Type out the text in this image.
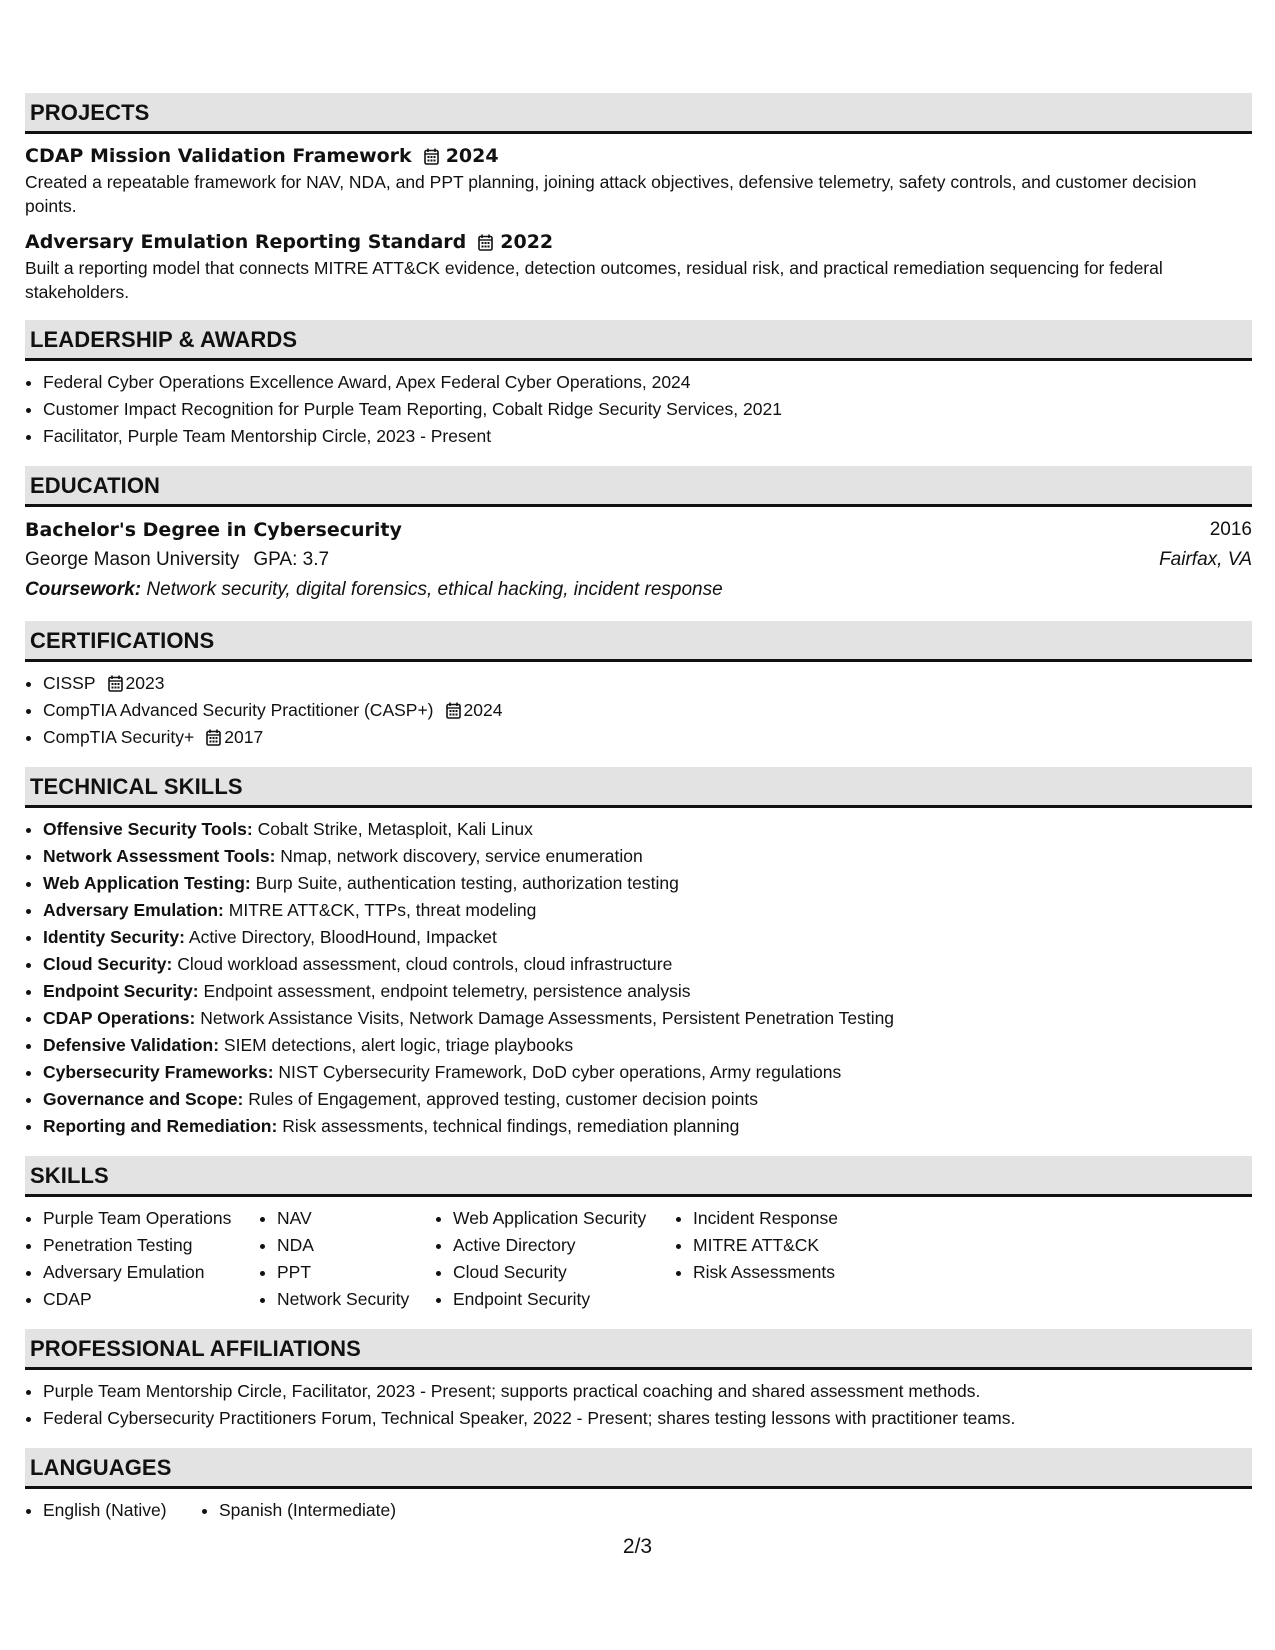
PROJECTS
CDAP Mission Validation Framework 2024
Created a repeatable framework for NAV, NDA, and PPT planning, joining attack objectives, defensive telemetry, safety controls, and customer decision points.
Adversary Emulation Reporting Standard 2022
Built a reporting model that connects MITRE ATT&CK evidence, detection outcomes, residual risk, and practical remediation sequencing for federal stakeholders.
LEADERSHIP & AWARDS
• Federal Cyber Operations Excellence Award, Apex Federal Cyber Operations, 2024
• Customer Impact Recognition for Purple Team Reporting, Cobalt Ridge Security Services, 2021
• Facilitator, Purple Team Mentorship Circle, 2023 - Present
EDUCATION
Bachelor's Degree in Cybersecurity	2016
George Mason University GPA: 3.7	Fairfax, VA
Coursework: Network security, digital forensics, ethical hacking, incident response
CERTIFICATIONS
• CISSP 2023
• CompTIA Advanced Security Practitioner (CASP+) 2024
• CompTIA Security+ 2017
TECHNICAL SKILLS
• Offensive Security Tools: Cobalt Strike, Metasploit, Kali Linux
• Network Assessment Tools: Nmap, network discovery, service enumeration
• Web Application Testing: Burp Suite, authentication testing, authorization testing
• Adversary Emulation: MITRE ATT&CK, TTPs, threat modeling
• Identity Security: Active Directory, BloodHound, Impacket
• Cloud Security: Cloud workload assessment, cloud controls, cloud infrastructure
• Endpoint Security: Endpoint assessment, endpoint telemetry, persistence analysis
• CDAP Operations: Network Assistance Visits, Network Damage Assessments, Persistent Penetration Testing
• Defensive Validation: SIEM detections, alert logic, triage playbooks
• Cybersecurity Frameworks: NIST Cybersecurity Framework, DoD cyber operations, Army regulations
• Governance and Scope: Rules of Engagement, approved testing, customer decision points
• Reporting and Remediation: Risk assessments, technical findings, remediation planning
SKILLS
• Purple Team Operations
• Penetration Testing
• Adversary Emulation
• CDAP
• NAV
• NDA
• PPT
• Network Security
• Web Application Security
• Active Directory
• Cloud Security
• Endpoint Security
• Incident Response
• MITRE ATT&CK
• Risk Assessments
PROFESSIONAL AFFILIATIONS
• Purple Team Mentorship Circle, Facilitator, 2023 - Present; supports practical coaching and shared assessment methods.
• Federal Cybersecurity Practitioners Forum, Technical Speaker, 2022 - Present; shares testing lessons with practitioner teams.
LANGUAGES
• English (Native)
•	Spanish (Intermediate)
2/3
